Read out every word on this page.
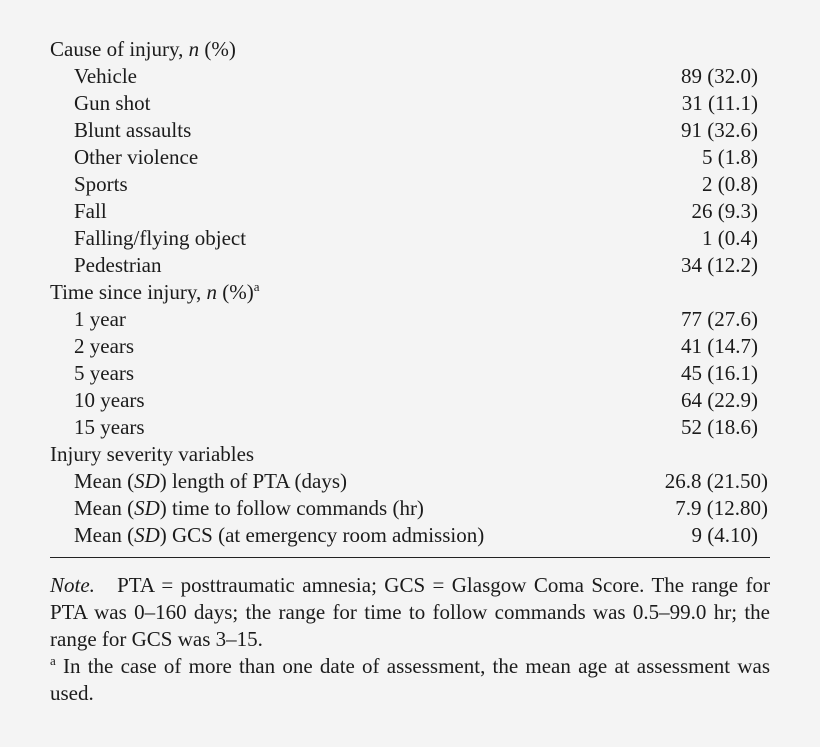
Cause of injury, n (%)
Vehicle	89 (32.0)
Gun shot	31 (11.1)
Blunt assaults	91 (32.6)
Other violence	5 (1.8)
Sports	2 (0.8)
Fall	26 (9.3)
Falling/flying object	1 (0.4)
Pedestrian	34 (12.2)
Time since injury, n (%)$^a$
1 year	77 (27.6)
2 years	41 (14.7)
5 years	45 (16.1)
10 years	64 (22.9)
15 years	52 (18.6)
Injury severity variables
Mean (SD) length of PTA (days)	26.8 (21.50)
Mean (SD) time to follow commands (hr)	7.9 (12.80)
Mean (SD) GCS (at emergency room admission)	9 (4.10)

Note. PTA = posttraumatic amnesia; GCS = Glasgow Coma Score. The range for PTA was 0–160 days; the range for time to follow commands was 0.5–99.0 hr; the range for GCS was 3–15.

$^a$ In the case of more than one date of assessment, the mean age at assessment was used.
